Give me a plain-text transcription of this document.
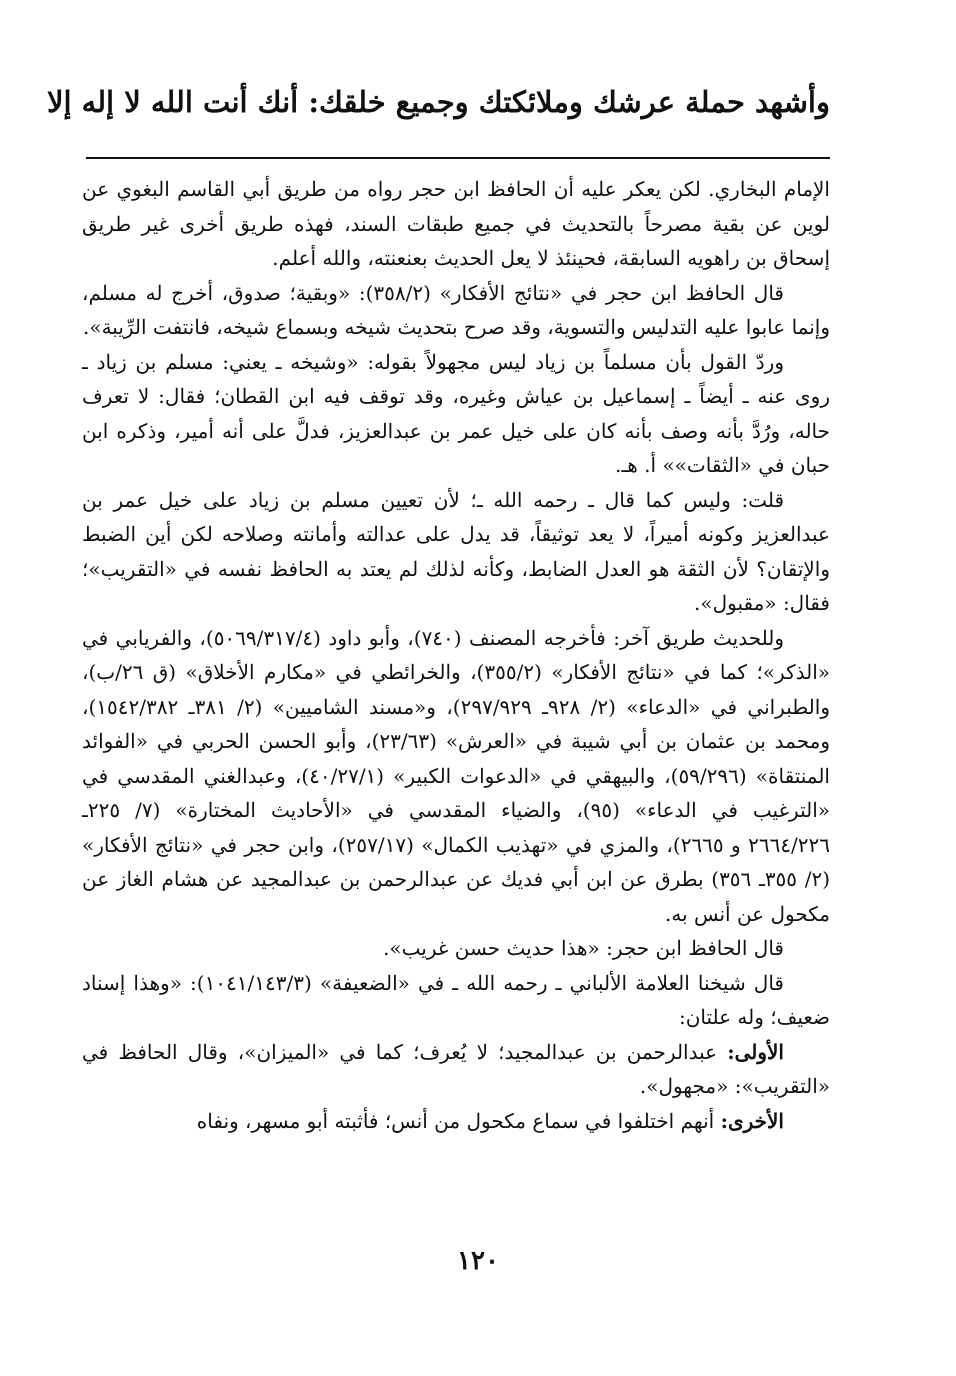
وأشهد حملة عرشك وملائكتك وجميع خلقك: أنك أنت الله لا إله إلا

الإمام البخاري. لكن يعكر عليه أن الحافظ ابن حجر رواه من طريق أبي القاسم البغوي عن لوين عن بقية مصرحاً بالتحديث في جميع طبقات السند، فهذه طريق أخرى غير طريق إسحاق بن راهويه السابقة، فحينئذ لا يعل الحديث بعنعنته، والله أعلم.

قال الحافظ ابن حجر في «نتائج الأفكار» (٣٥٨/٢): «وبقية؛ صدوق، أخرج له مسلم، وإنما عابوا عليه التدليس والتسوية، وقد صرح بتحديث شيخه وبسماع شيخه، فانتفت الرِّيبة».

وردّ القول بأن مسلماً بن زياد ليس مجهولاً بقوله: «وشيخه ـ يعني: مسلم بن زياد ـ روى عنه ـ أيضاً ـ إسماعيل بن عياش وغيره، وقد توقف فيه ابن القطان؛ فقال: لا تعرف حاله، ورُدَّ بأنه وصف بأنه كان على خيل عمر بن عبدالعزيز، فدلَّ على أنه أمير، وذكره ابن حبان في «الثقات»» أ. هـ.

قلت: وليس كما قال ـ رحمه الله ـ؛ لأن تعيين مسلم بن زياد على خيل عمر بن عبدالعزيز وكونه أميراً، لا يعد توثيقاً، قد يدل على عدالته وأمانته وصلاحه لكن أين الضبط والإتقان؟ لأن الثقة هو العدل الضابط، وكأنه لذلك لم يعتد به الحافظ نفسه في «التقريب»؛ فقال: «مقبول».

وللحديث طريق آخر: فأخرجه المصنف (٧٤٠)، وأبو داود (٥٠٦٩/٣١٧/٤)، والفريابي في «الذكر»؛ كما في «نتائج الأفكار» (٣٥٥/٢)، والخرائطي في «مكارم الأخلاق» (ق ٢٦/ب)، والطبراني في «الدعاء» (٢/ ٩٢٨ـ ٢٩٧/٩٢٩)، و«مسند الشاميين» (٢/ ٣٨١ـ ١٥٤٢/٣٨٢)، ومحمد بن عثمان بن أبي شيبة في «العرش» (٢٣/٦٣)، وأبو الحسن الحربي في «الفوائد المنتقاة» (٥٩/٢٩٦)، والبيهقي في «الدعوات الكبير» (٤٠/٢٧/١)، وعبدالغني المقدسي في «الترغيب في الدعاء» (٩٥)، والضياء المقدسي في «الأحاديث المختارة» (٧/ ٢٢٥ـ ٢٦٦٤/٢٢٦ و ٢٦٦٥)، والمزي في «تهذيب الكمال» (٢٥٧/١٧)، وابن حجر في «نتائج الأفكار» (٢/ ٣٥٥ـ ٣٥٦) بطرق عن ابن أبي فديك عن عبدالرحمن بن عبدالمجيد عن هشام الغاز عن مكحول عن أنس به.

قال الحافظ ابن حجر: «هذا حديث حسن غريب».

قال شيخنا العلامة الألباني ـ رحمه الله ـ في «الضعيفة» (١٠٤١/١٤٣/٣): «وهذا إسناد ضعيف؛ وله علتان:

الأولى: عبدالرحمن بن عبدالمجيد؛ لا يُعرف؛ كما في «الميزان»، وقال الحافظ في «التقريب»: «مجهول».

الأخرى: أنهم اختلفوا في سماع مكحول من أنس؛ فأثبته أبو مسهر، ونفاه

١٢٠
